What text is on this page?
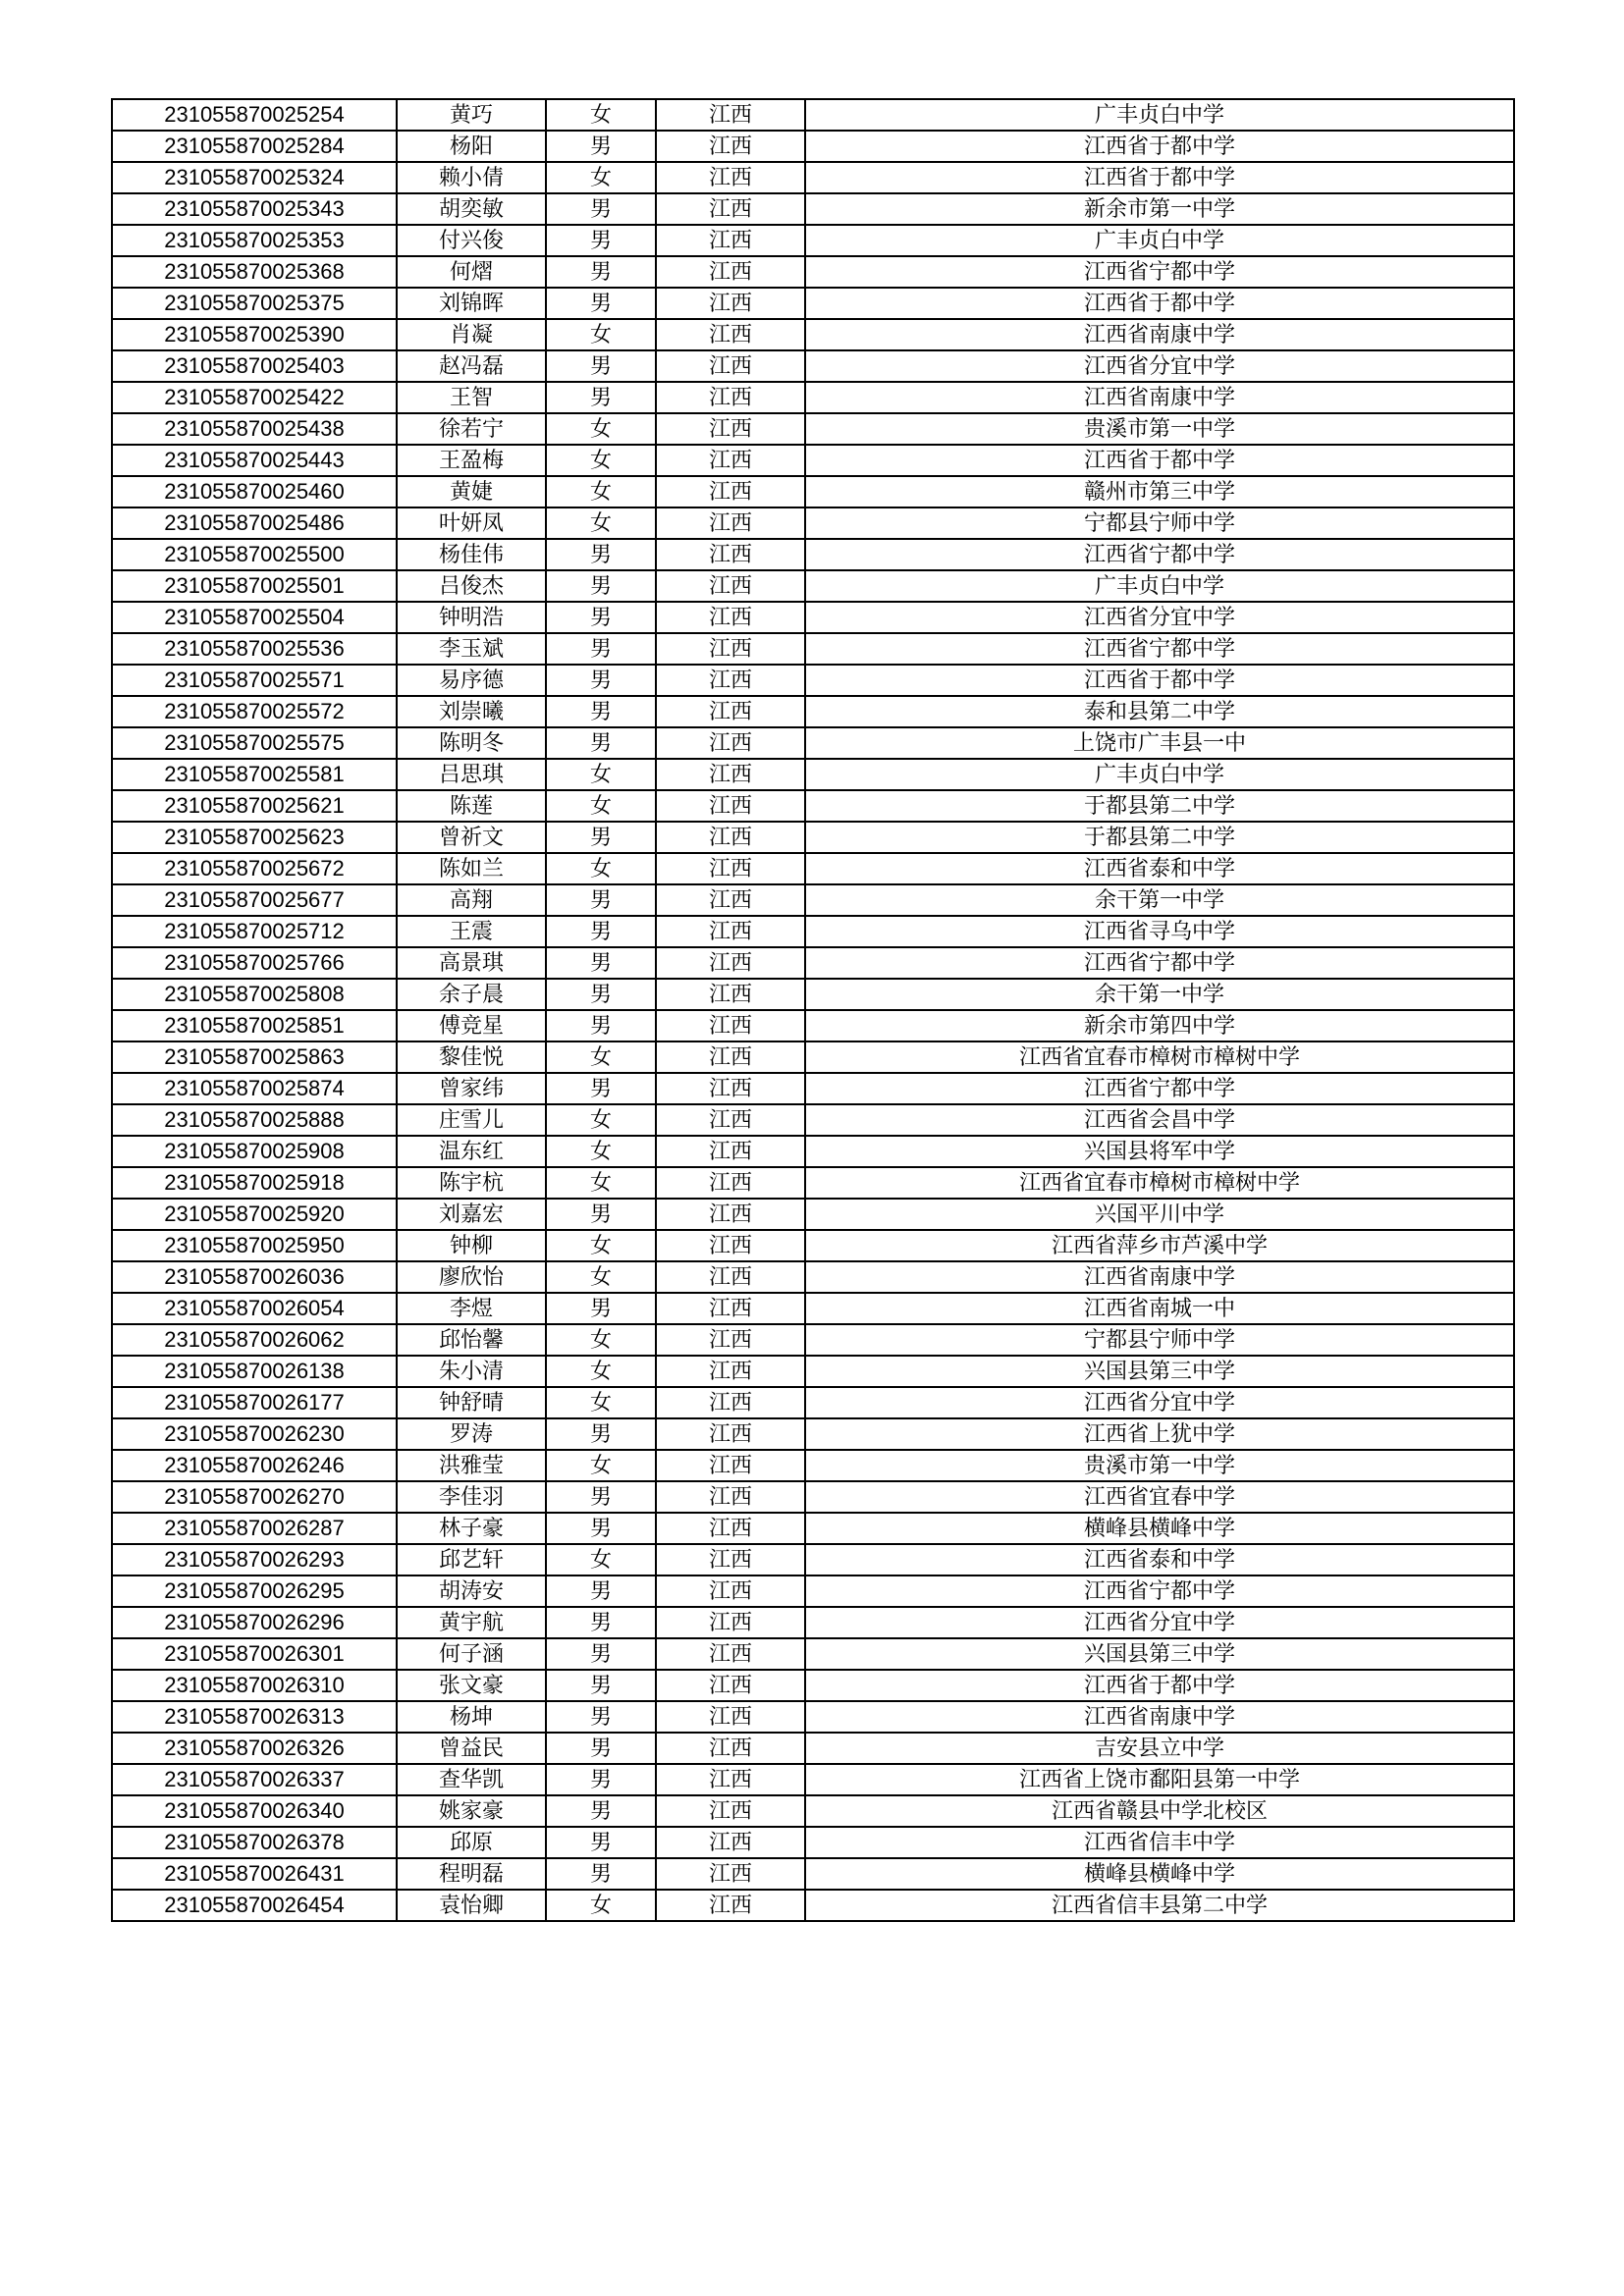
231055870025254	黄巧	女	江西	广丰贞白中学
231055870025284	杨阳	男	江西	江西省于都中学
231055870025324	赖小倩	女	江西	江西省于都中学
231055870025343	胡奕敏	男	江西	新余市第一中学
231055870025353	付兴俊	男	江西	广丰贞白中学
231055870025368	何熠	男	江西	江西省宁都中学
231055870025375	刘锦晖	男	江西	江西省于都中学
231055870025390	肖凝	女	江西	江西省南康中学
231055870025403	赵冯磊	男	江西	江西省分宜中学
231055870025422	王智	男	江西	江西省南康中学
231055870025438	徐若宁	女	江西	贵溪市第一中学
231055870025443	王盈梅	女	江西	江西省于都中学
231055870025460	黄婕	女	江西	赣州市第三中学
231055870025486	叶妍凤	女	江西	宁都县宁师中学
231055870025500	杨佳伟	男	江西	江西省宁都中学
231055870025501	吕俊杰	男	江西	广丰贞白中学
231055870025504	钟明浩	男	江西	江西省分宜中学
231055870025536	李玉斌	男	江西	江西省宁都中学
231055870025571	易序德	男	江西	江西省于都中学
231055870025572	刘崇曦	男	江西	泰和县第二中学
231055870025575	陈明冬	男	江西	上饶市广丰县一中
231055870025581	吕思琪	女	江西	广丰贞白中学
231055870025621	陈莲	女	江西	于都县第二中学
231055870025623	曾祈文	男	江西	于都县第二中学
231055870025672	陈如兰	女	江西	江西省泰和中学
231055870025677	高翔	男	江西	余干第一中学
231055870025712	王震	男	江西	江西省寻乌中学
231055870025766	高景琪	男	江西	江西省宁都中学
231055870025808	余子晨	男	江西	余干第一中学
231055870025851	傅竞星	男	江西	新余市第四中学
231055870025863	黎佳悦	女	江西	江西省宜春市樟树市樟树中学
231055870025874	曾家纬	男	江西	江西省宁都中学
231055870025888	庄雪儿	女	江西	江西省会昌中学
231055870025908	温东红	女	江西	兴国县将军中学
231055870025918	陈宇杭	女	江西	江西省宜春市樟树市樟树中学
231055870025920	刘嘉宏	男	江西	兴国平川中学
231055870025950	钟柳	女	江西	江西省萍乡市芦溪中学
231055870026036	廖欣怡	女	江西	江西省南康中学
231055870026054	李煜	男	江西	江西省南城一中
231055870026062	邱怡馨	女	江西	宁都县宁师中学
231055870026138	朱小清	女	江西	兴国县第三中学
231055870026177	钟舒晴	女	江西	江西省分宜中学
231055870026230	罗涛	男	江西	江西省上犹中学
231055870026246	洪雅莹	女	江西	贵溪市第一中学
231055870026270	李佳羽	男	江西	江西省宜春中学
231055870026287	林子豪	男	江西	横峰县横峰中学
231055870026293	邱艺轩	女	江西	江西省泰和中学
231055870026295	胡涛安	男	江西	江西省宁都中学
231055870026296	黄宇航	男	江西	江西省分宜中学
231055870026301	何子涵	男	江西	兴国县第三中学
231055870026310	张文豪	男	江西	江西省于都中学
231055870026313	杨坤	男	江西	江西省南康中学
231055870026326	曾益民	男	江西	吉安县立中学
231055870026337	查华凯	男	江西	江西省上饶市鄱阳县第一中学
231055870026340	姚家豪	男	江西	江西省赣县中学北校区
231055870026378	邱原	男	江西	江西省信丰中学
231055870026431	程明磊	男	江西	横峰县横峰中学
231055870026454	袁怡卿	女	江西	江西省信丰县第二中学
